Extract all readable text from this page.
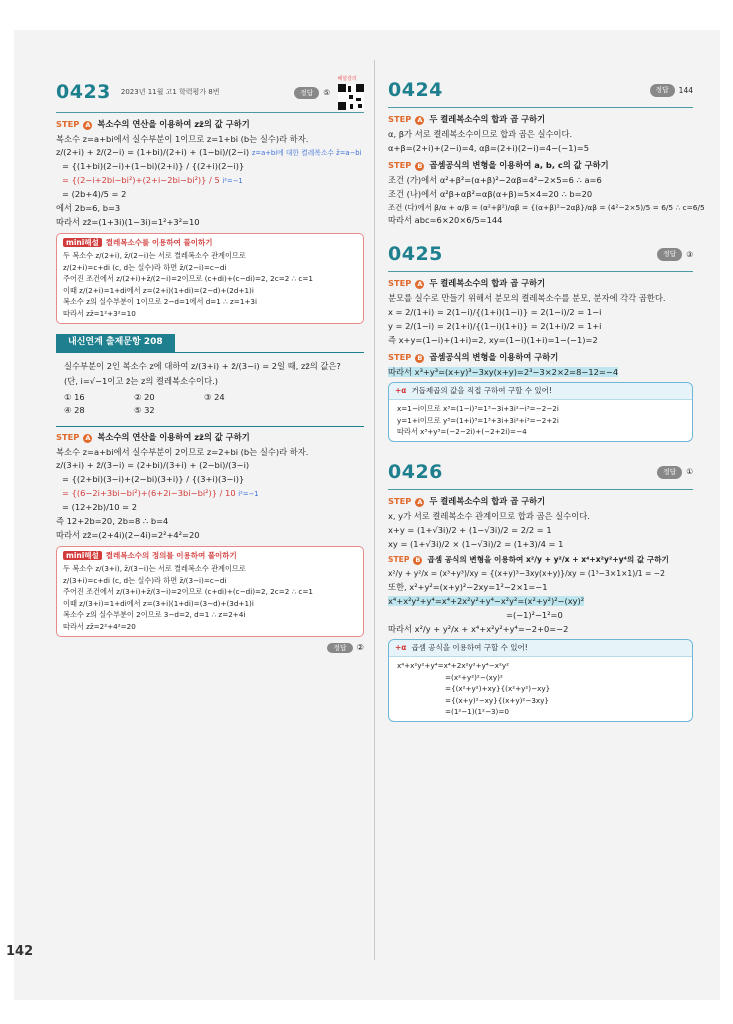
0423 2023년 11월 고1 학력평가 8번	정답	⑤
해설강의
STEP A 복소수의 연산을 이용하여 zz̄의 값 구하기
복소수 z=a+bi에서 실수부분이 1이므로 z=1+bi (b는 실수)라 하자.
z/(2+i) + z̄/(2−i) = (1+bi)/(2+i) + (1−bi)/(2−i) z=a+bi에 대한 켤레복소수 z̄=a−bi
= {(1+bi)(2−i)+(1−bi)(2+i)} / {(2+i)(2−i)}
= {(2−i+2bi−bi²)+(2+i−2bi−bi²)} / 5 i²=−1
= (2b+4)/5 = 2
에서 2b=6, b=3
따라서 zz̄=(1+3i)(1−3i)=1²+3²=10
mini해설 켤레복소수를 이용하여 풀이하기
두 복소수 z/(2+i), z̄/(2−i)는 서로 켤레복소수 관계이므로
z/(2+i)=c+di (c, d는 실수)라 하면 z̄/(2−i)=c−di
주어진 조건에서 z/(2+i)+z̄/(2−i)=2이므로 (c+di)+(c−di)=2, 2c=2 ∴ c=1
이때 z/(2+i)=1+di에서 z=(2+i)(1+di)=(2−d)+(2d+1)i
복소수 z의 실수부분이 1이므로 2−d=1에서 d=1 ∴ z=1+3i
따라서 zz̄=1²+3²=10
내신연계 출제문항 208
실수부분이 2인 복소수 z에 대하여 z/(3+i) + z̄/(3−i) = 2일 때, zz̄의 값은?
(단, i=√−1이고 z̄는 z의 켤레복소수이다.)
① 16	② 20	③ 24
④ 28	⑤ 32
STEP A 복소수의 연산을 이용하여 zz̄의 값 구하기
복소수 z=a+bi에서 실수부분이 2이므로 z=2+bi (b는 실수)라 하자.
z/(3+i) + z̄/(3−i) = (2+bi)/(3+i) + (2−bi)/(3−i)
= {(2+bi)(3−i)+(2−bi)(3+i)} / {(3+i)(3−i)}
= {(6−2i+3bi−bi²)+(6+2i−3bi−bi²)} / 10 i²=−1
= (12+2b)/10 = 2
즉 12+2b=20, 2b=8 ∴ b=4
따라서 zz̄=(2+4i)(2−4i)=2²+4²=20
mini해설 켤레복소수의 정의를 이용하여 풀이하기
두 복소수 z/(3+i), z̄/(3−i)는 서로 켤레복소수 관계이므로
z/(3+i)=c+di (c, d는 실수)라 하면 z̄/(3−i)=c−di
주어진 조건에서 z/(3+i)+z̄/(3−i)=2이므로 (c+di)+(c−di)=2, 2c=2 ∴ c=1
이때 z/(3+i)=1+di에서 z=(3+i)(1+di)=(3−d)+(3d+1)i
복소수 z의 실수부분이 2이므로 3−d=2, d=1 ∴ z=2+4i
따라서 zz̄=2²+4²=20
정답 ②
0424	정답	144
STEP A 두 켤레복소수의 합과 곱 구하기
α, β가 서로 켤레복소수이므로 합과 곱은 실수이다.
α+β=(2+i)+(2−i)=4, αβ=(2+i)(2−i)=4−(−1)=5
STEP B 곱셈공식의 변형을 이용하여 a, b, c의 값 구하기
조건 (가)에서 α²+β²=(α+β)²−2αβ=4²−2×5=6 ∴ a=6
조건 (나)에서 α²β+αβ²=αβ(α+β)=5×4=20 ∴ b=20
조건 (다)에서 β/α + α/β = (α²+β²)/αβ = {(α+β)²−2αβ}/αβ = (4²−2×5)/5 = 6/5 ∴ c=6/5
따라서 abc=6×20×6/5=144
0425	정답	③
STEP A 두 켤레복소수의 합과 곱 구하기
분모를 실수로 만들기 위해서 분모의 켤레복소수를 분모, 분자에 각각 곱한다.
x = 2/(1+i) = 2(1−i)/{(1+i)(1−i)} = 2(1−i)/2 = 1−i
y = 2/(1−i) = 2(1+i)/{(1−i)(1+i)} = 2(1+i)/2 = 1+i
즉 x+y=(1−i)+(1+i)=2, xy=(1−i)(1+i)=1−(−1)=2
STEP B 곱셈공식의 변형을 이용하여 구하기
따라서 x³+y³=(x+y)³−3xy(x+y)=2³−3×2×2=8−12=−4
+α 거듭제곱의 값을 직접 구하여 구할 수 있어!
x=1−i이므로 x³=(1−i)³=1³−3i+3i²−i³=−2−2i
y=1+i이므로 y³=(1+i)³=1³+3i+3i²+i³=−2+2i
따라서 x³+y³=(−2−2i)+(−2+2i)=−4
0426	정답	①
STEP A 두 켤레복소수의 합과 곱 구하기
x, y가 서로 켤레복소수 관계이므로 합과 곱은 실수이다.
x+y = (1+√3i)/2 + (1−√3i)/2 = 2/2 = 1
xy = (1+√3i)/2 × (1−√3i)/2 = (1+3)/4 = 1
STEP B 곱셈 공식의 변형을 이용하여 x²/y + y²/x + x⁴+x²y²+y⁴의 값 구하기
x²/y + y²/x = (x³+y³)/xy = {(x+y)³−3xy(x+y)}/xy = (1³−3×1×1)/1 = −2
또한, x²+y²=(x+y)²−2xy=1²−2×1=−1
x⁴+x²y²+y⁴=x⁴+2x²y²+y⁴−x²y²=(x²+y²)²−(xy)²
=(−1)²−1²=0
따라서 x²/y + y²/x + x⁴+x²y²+y⁴=−2+0=−2
+α 곱셈 공식을 이용하여 구할 수 있어!
x⁴+x²y²+y⁴=x⁴+2x²y²+y⁴−x²y²
=(x²+y²)²−(xy)²
={(x²+y²)+xy}{(x²+y²)−xy}
={(x+y)²−xy}{(x+y)²−3xy}
=(1²−1)(1²−3)=0
142
